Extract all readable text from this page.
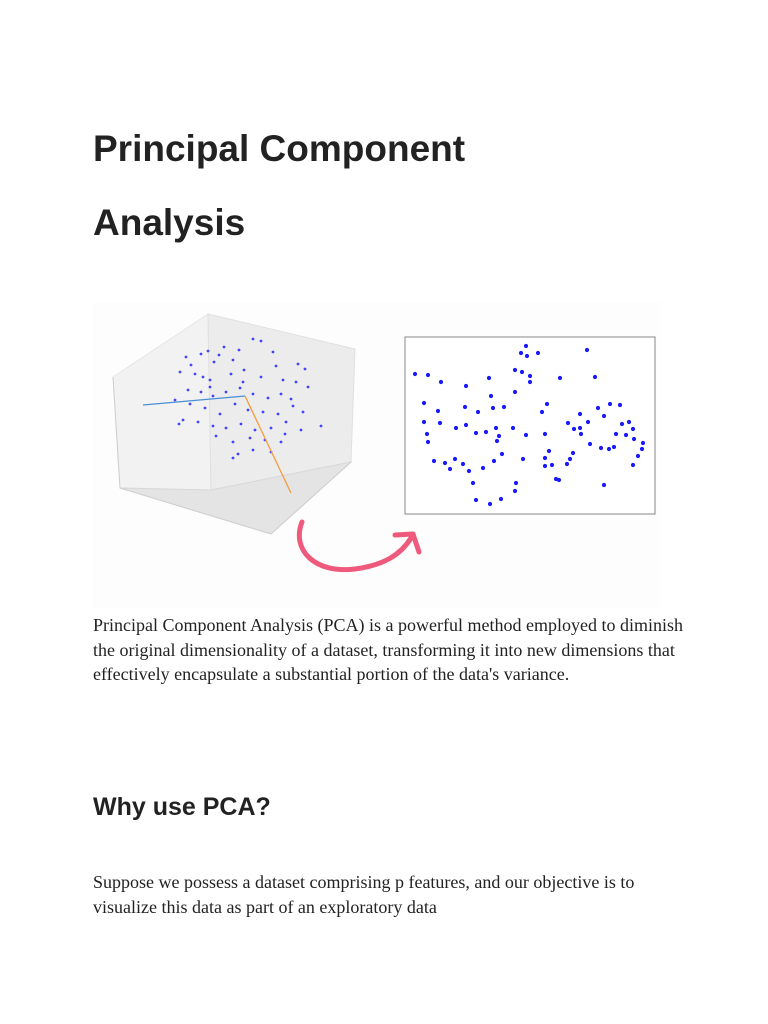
Principal Component
Analysis

Principal Component Analysis (PCA) is a powerful method employed to diminish the original dimensionality of a dataset, transforming it into new dimensions that effectively encapsulate a substantial portion of the data's variance.

Why use PCA?

Suppose we possess a dataset comprising p features, and our objective is to visualize this data as part of an exploratory data
